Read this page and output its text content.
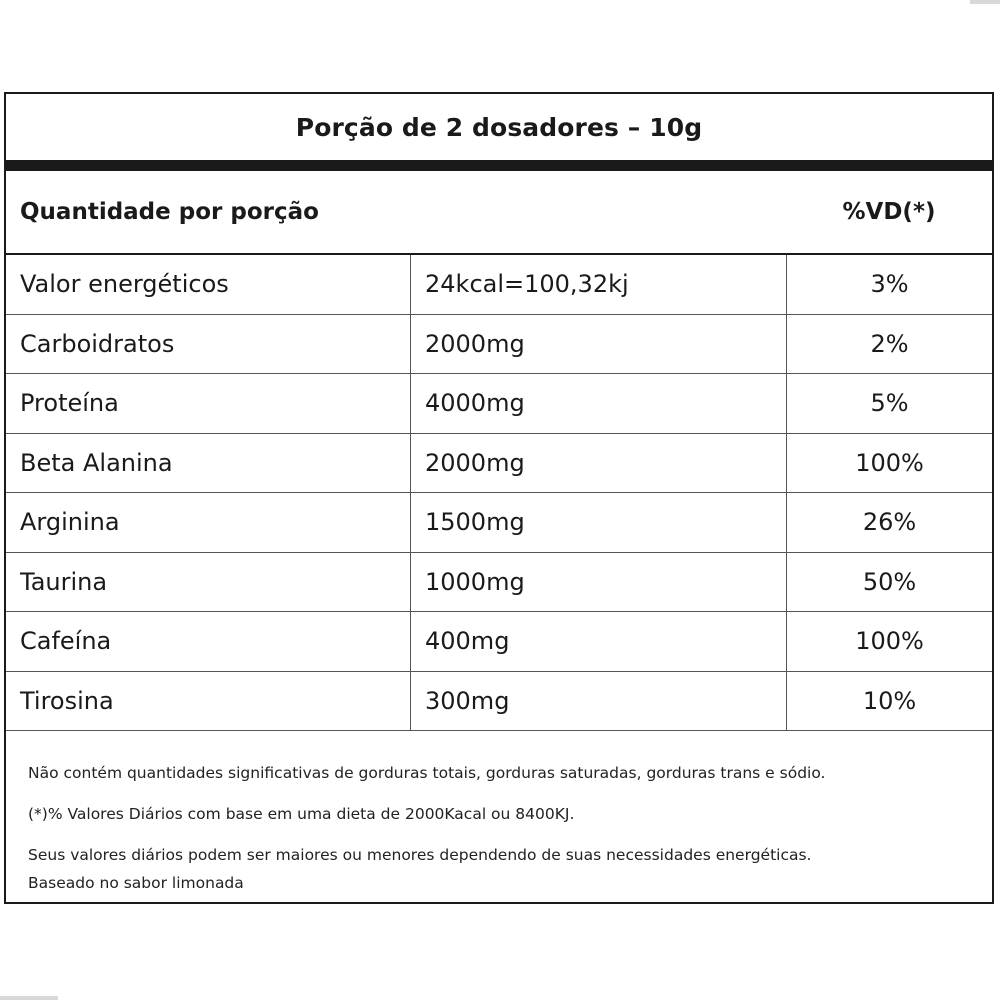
Porção de 2 dosadores – 10g
Quantidade por porção	%VD(*)
Valor energéticos	24kcal=100,32kj	3%
Carboidratos	2000mg	2%
Proteína	4000mg	5%
Beta Alanina	2000mg	100%
Arginina	1500mg	26%
Taurina	1000mg	50%
Cafeína	400mg	100%
Tirosina	300mg	10%

Não contém quantidades significativas de gorduras totais, gorduras saturadas, gorduras trans e sódio.

(*)% Valores Diários com base em uma dieta de 2000Kacal ou 8400KJ.

Seus valores diários podem ser maiores ou menores dependendo de suas necessidades energéticas.

Baseado no sabor limonada
